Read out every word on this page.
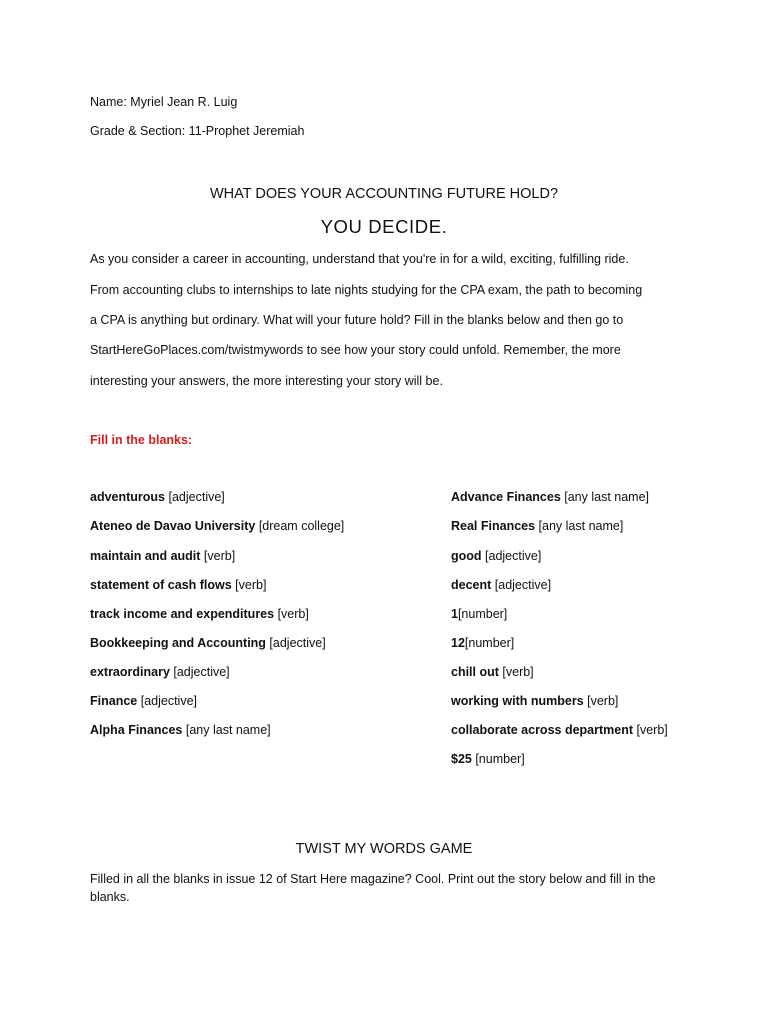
Name: Myriel Jean R. Luig

Grade & Section: 11-Prophet Jeremiah

WHAT DOES YOUR ACCOUNTING FUTURE HOLD?
YOU DECIDE.

As you consider a career in accounting, understand that you're in for a wild, exciting, fulfilling ride.

From accounting clubs to internships to late nights studying for the CPA exam, the path to becoming

a CPA is anything but ordinary. What will your future hold? Fill in the blanks below and then go to

StartHereGoPlaces.com/twistmywords to see how your story could unfold. Remember, the more

interesting your answers, the more interesting your story will be.

Fill in the blanks:

adventurous [adjective]

Ateneo de Davao University [dream college]

maintain and audit [verb]

statement of cash flows [verb]

track income and expenditures [verb]

Bookkeeping and Accounting [adjective]

extraordinary [adjective]

Finance [adjective]

Alpha Finances [any last name]

Advance Finances [any last name]

Real Finances [any last name]

good [adjective]

decent [adjective]

1[number]

12[number]

chill out [verb]

working with numbers [verb]

collaborate across department [verb]

$25 [number]

TWIST MY WORDS GAME

Filled in all the blanks in issue 12 of Start Here magazine? Cool. Print out the story below and fill in the blanks.
